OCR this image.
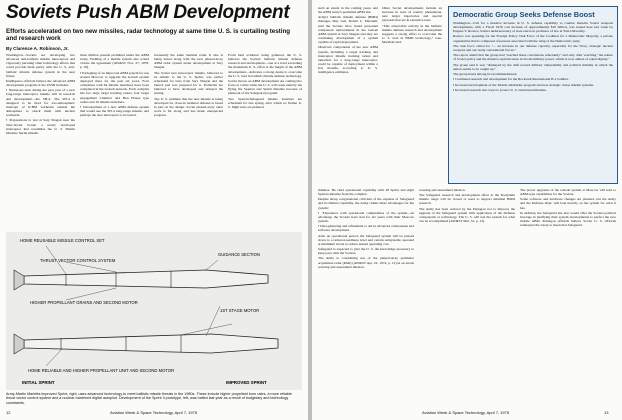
Soviets Push ABM Development
Efforts accelerated on two new missiles, radar technology at same time U. S. is curtailing testing and research work
By Clarence A. Robinson, Jr.

Washington—Soviets are developing two advanced anti-ballistic missile interceptors and vigorously pursuing other technology efforts that could provide them parity with the U. S. anti-ballistic missile defense system in the near future.

Intelligence officials believe the advanced ABM development program of the USSR includes:

▪ Numerous tests during the past year of a new long-range interceptor missile still in research and development—the SH-4. The SH-4 is designed to be fired for exo-atmospheric intercept of ICBM warheads outside the atmosphere to attack them with nuclear warheads.

▪ Preparations to test at Sary Shagan near the Sino-Soviet border a newly developed interceptor that resembles the U. S. Martin Marietta Sprint missile.

three million pounds permitted under the ABM treaty. Fielding of a mobile system also would violate the agreement (AW&ST Nov. 27, 1978, p. 18).

▪ Packaging of an improved ABM system for use around Moscow to upgrade the Galosh system deployed there for the past six years. Four complexes with 64 missile launchers have been completed in the Galosh network. Each complex has two large target tracking radars, four target engagement Chekhov and Hen House type radars and 16 missile launchers.

▪ Development of a new ABM defense system that would use the SH-4 long-range missile, and perhaps the new interceptor to be tested.

eventually the same Sentinel radar. It also is being tested along with the new phased-array ABM radar system under development at Sary Shagan.

The Soviet new interceptor missile, believed to be similar to the U. S. Sprint, was earlier scheduled for tests from Sary Shagan and the launch pad was prepared for it. Problems are believed to have developed and delayed the testing.

The U. S. estimate that the new missile is being developed for close-in terminal defense is based in part on the design. Soviet phased-array radar work is far along and has made unexpected progress.

From hard evidence being gathered, the U. S. believes the Soviets' ballistic missile defense research and development—one at a level exceeding the maximum U. S. effort at the height of the ABM development—indicates a strong desire to overcome the U. S. lead in ballistic missile defense technology.

Soviet moves on ABM development are coming into focus at a time when the U. S. will cease entirely ten flying the Spartan and Sprint missiles because of phaseout of the Safeguard program.

Two Spartan/Safeguard missile launches are scheduled for late spring, after which no further U. S. flight tests are planned.

HOME REUSABLE MISSILE CONTROL SET
THRUST VECTOR CONTROL SYSTEM
HIGHER PROPELLANT GRAINS AND SECOND MOTOR
GUIDANCE SECTION
1ST STAGE MOTOR
HOME RELIABLE AND HIGHER PROPELLANT UNIT AND SECOND MOTOR
INITIAL SPRINT	IMPROVED SPRINT
Army-Martin Marietta improved Sprint, right, uses advanced technology to meet ballistic missile threats in the 1980s. These include higher propellant burn rates, a more reliable thrust vector control system and a nuclear-hardened digital autopilot. Development of the Sprint II prototype, left, was halted last year as a result of budgetary and technology constraints.
12	Aviation Week & Space Technology, April 7, 1975

such an extent in the coming years, and the ABM treaty's permitted ABM site.

Army's ballistic missile defense (BMD) manager, Maj. Gen. Robert C. Marshall, said the Soviets have tested personnel component replacements in the Galosh ABM system at Sary Shagan and they are continuing development of a system capable of rapid deployment.

Observed components of the new ABM system, including a target tracking and interceptor missile tracking radars and launchers for a long-range interceptor, could be capable of deployment within a few months, according to U. S. intelligence estimates.

Other Soviet developments include an increase in tests of reentry phenomena, new target trajectories and special payloads that are in extensive tests.

"This observable activity in the ballistic missile defense research and development suggests a strong effort to overcome the U. S. lead in BMD technology," Gen. Marshall said.

Democratic Group Seeks Defense Boost

Washington—Call for a massive increase in U. S. defense capability to counter massive Soviet weapons developments, with a Fiscal 1976 cost increase of approximately $10 billion, was issued here last week by Eugene V. Rostow, former undersecretary of state and now professor of law at Yale University.

Rostow was speaking for the Foreign Policy Task Force of the Coalition for a Democratic Majority, a private organization that is composed of persons associated with the wing of the Democratic party.

The task force called for "... an increase in our defense capacity, especially for the Navy, strategic nuclear weapons and our ready conventional forces."

The report added that the group had "reached these conclusions reluctantly" and only after watching "the nature of Soviet policy and the massive rapid increase in Soviet military power, which is now almost of equal dignity."

The group said it was "dismayed by the drift toward military vulnerability and political timidity in which the nation seems to be caught up."

The group listed among its recommendations:

▪ Continued research and development for the Rockwell International B-1 bomber.

▪ Increased development of the Trident submarine program and new strategic cruise missile systems.

▪ Increased research into ways to protect U. S. land-based missiles.

missiles. He cited operational capability with 28 Sprint and eight Spartan missiles from the complex.

Despite sharp congressional criticism of the expense of Safeguard and its limited capability, the Army claims these advantages for the system:

▪ Experience with operational complexities of the system—an advantage the Soviets have had for six years with their Moscow system.

▪ Data-gathering and refinement to aid in advanced components and software development.

After an operational period, the Safeguard system will be phased down to a reduced-readiness level and certain subsystems operated at minimum levels to reduce annual operating cost.

Safeguard is expected to give the U. S. the knowledge necessary to keep pace with the Soviets.

The Army is considering use of the phased-array perimeter acquisition radar (PAR) (AW&ST Apr. 22, 1974, p. 12) in an attack warning and assessment mission.

warning and assessment mission.

The Safeguard research and development effort at the Kwajalein missile range will be closed or used to support minimal BMD research.

The Army has been ordered by the Pentagon not to improve the upgrade of the Safeguard system with application of the Defense components or technology. The U. S. will test the system for what can be accomplished (AW&ST Mar. 31, p. 12).

The power upgrades of the Galosh system at Moscow will lead to ABM-type capabilities for the Soviets.

Some software and hardware changes are planned, but the Army and the Defense Dept. will lean heavily on the system for what it has.

In addition, the Safeguard site also would offer the Soviets political leverage in justifying their system developments to perfect the new mobile ABM. Pentagon officials believe Soviet U. S. officials reinterpret the treaty to mean that Safeguard.

Aviation Week & Space Technology, April 7, 1975	13
